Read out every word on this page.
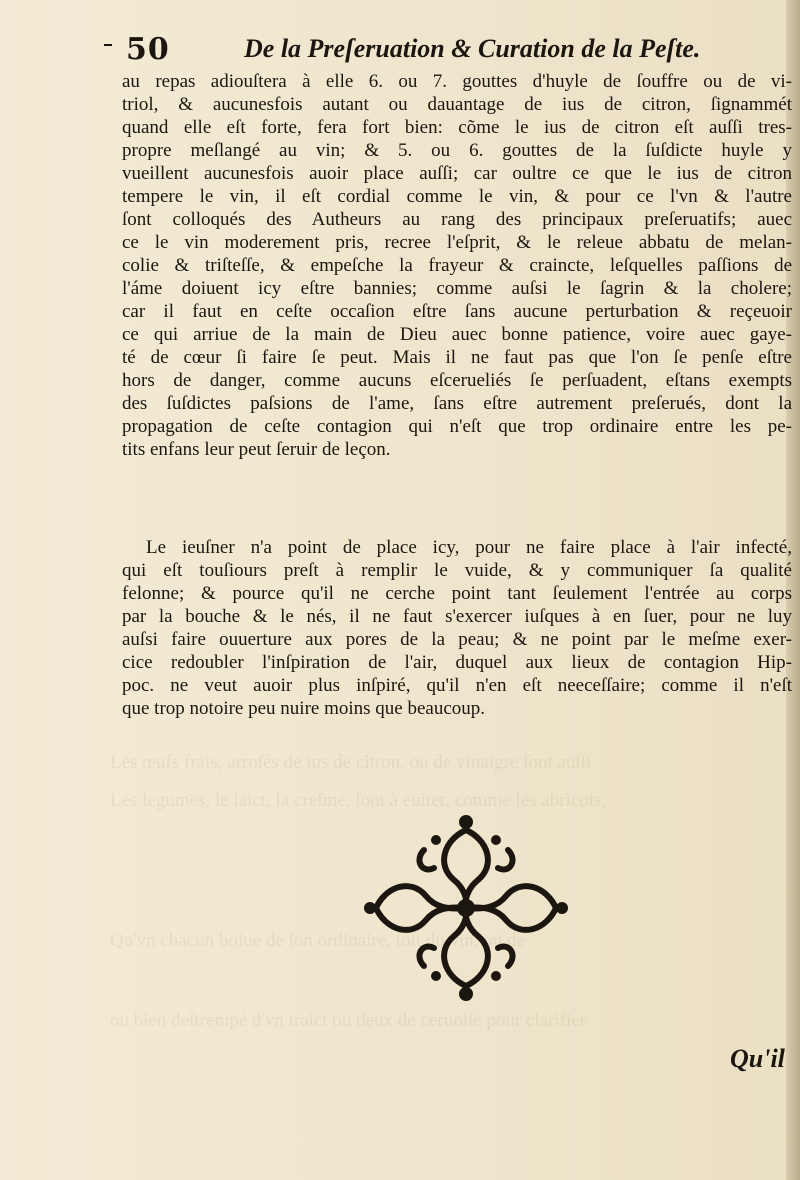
Les œufs frais, arroſés de ius de citron, ou de vinaigre ſont auſſi
Les legumes, le laict, la creſme, ſont à euiter, comme les abricots,
Qu'vn chacun boiue de ſon ordinaire, ſoit du vin, ou de
ou bien deſtrempé d'vn traict ou deux de ceruoiſe pour clarifier
50	De la Preſeruation & Curation de la Peſte.
au repas adiouſtera à elle 6. ou 7. gouttes d'huyle de ſouffre ou de vi-
triol, & aucunesfois autant ou dauantage de ius de citron, ſignammét
quand elle eſt forte, fera fort bien: cõme le ius de citron eſt auſſi tres-
propre meſlangé au vin; & 5. ou 6. gouttes de la ſuſdicte huyle y
vueillent aucunesfois auoir place auſſi; car oultre ce que le ius de citron
tempere le vin, il eſt cordial comme le vin, & pour ce l'vn & l'autre
ſont colloqués des Autheurs au rang des principaux preſeruatifs; auec
ce le vin moderement pris, recree l'eſprit, & le releue abbatu de melan-
colie & triſteſſe, & empeſche la frayeur & craincte, leſquelles paſſions de
l'áme doiuent icy eſtre bannies; comme auſsi le ſagrin & la cholere;
car il faut en ceſte occaſion eſtre ſans aucune perturbation & reçeuoir
ce qui arriue de la main de Dieu auec bonne patience, voire auec gaye-
té de cœur ſi faire ſe peut. Mais il ne faut pas que l'on ſe penſe eſtre
hors de danger, comme aucuns eſcerueliés ſe perſuadent, eſtans exempts
des ſuſdictes paſsions de l'ame, ſans eſtre autrement preſerués, dont la
propagation de ceſte contagion qui n'eſt que trop ordinaire entre les pe-
tits enfans leur peut ſeruir de leçon.
Le ieuſner n'a point de place icy, pour ne faire place à l'air infecté,
qui eſt touſiours preſt à remplir le vuide, & y communiquer ſa qualité
felonne; & pource qu'il ne cerche point tant ſeulement l'entrée au corps
par la bouche & le nés, il ne faut s'exercer iuſques à en ſuer, pour ne luy
auſsi faire ouuerture aux pores de la peau; & ne point par le meſme exer-
cice redoubler l'inſpiration de l'air, duquel aux lieux de contagion Hip-
poc. ne veut auoir plus inſpiré, qu'il n'en eſt neeceſſaire; comme il n'eſt
que trop notoire peu nuire moins que beaucoup.
Qu'il
